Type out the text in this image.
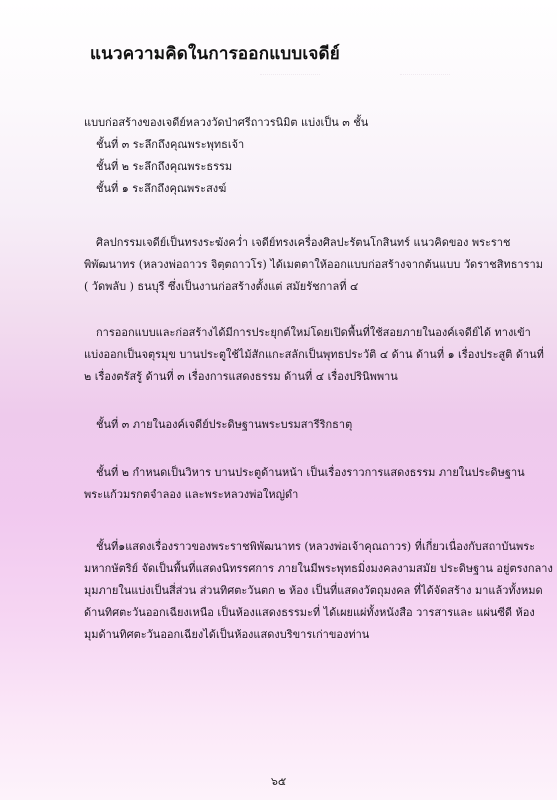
แนวความคิดในการออกแบบเจดีย์
แบบก่อสร้างของเจดีย์หลวงวัดป่าศรีถาวรนิมิต แบ่งเป็น ๓ ชั้น
ชั้นที่ ๓ ระลึกถึงคุณพระพุทธเจ้า
ชั้นที่ ๒ ระลึกถึงคุณพระธรรม
ชั้นที่ ๑ ระลึกถึงคุณพระสงฆ์
ศิลปกรรมเจดีย์เป็นทรงระฆังคว่ำ เจดีย์ทรงเครื่องศิลปะรัตนโกสินทร์ แนวคิดของ พระราช
พิพัฒนาทร (หลวงพ่อถาวร จิตฺตถาวโร) ได้เมตตาให้ออกแบบก่อสร้างจากต้นแบบ วัดราชสิทธาราม
( วัดพลับ ) ธนบุรี ซึ่งเป็นงานก่อสร้างตั้งแต่ สมัยรัชกาลที่ ๔
การออกแบบและก่อสร้างได้มีการประยุกต์ใหม่โดยเปิดพื้นที่ใช้สอยภายในองค์เจดีย์ได้ ทางเข้า
แบ่งออกเป็นจตุรมุข บานประตูใช้ไม้สักแกะสลักเป็นพุทธประวัติ ๔ ด้าน ด้านที่ ๑ เรื่องประสูติ ด้านที่
๒ เรื่องตรัสรู้ ด้านที่ ๓ เรื่องการแสดงธรรม ด้านที่ ๔ เรื่องปรินิพพาน
ชั้นที่ ๓ ภายในองค์เจดีย์ประดิษฐานพระบรมสารีริกธาตุ
ชั้นที่ ๒ กำหนดเป็นวิหาร บานประตูด้านหน้า เป็นเรื่องราวการแสดงธรรม ภายในประดิษฐาน
พระแก้วมรกตจำลอง และพระหลวงพ่อใหญ่ดำ
ชั้นที่๑แสดงเรื่องราวของพระราชพิพัฒนาทร (หลวงพ่อเจ้าคุณถาวร) ที่เกี่ยวเนื่องกับสถาบันพระ
มหากษัตริย์ จัดเป็นพื้นที่แสดงนิทรรศการ ภายในมีพระพุทธมิ่งมงคลงามสมัย ประดิษฐาน อยู่ตรงกลาง
มุมภายในแบ่งเป็นสี่ส่วน ส่วนทิศตะวันตก ๒ ห้อง เป็นที่แสดงวัตถุมงคล ที่ได้จัดสร้าง มาแล้วทั้งหมด
ด้านทิศตะวันออกเฉียงเหนือ เป็นห้องแสดงธรรมะที่ ได้เผยแผ่ทั้งหนังสือ วารสารและ แผ่นซีดี ห้อง
มุมด้านทิศตะวันออกเฉียงได้เป็นห้องแสดงบริขารเก่าของท่าน
๖๕
